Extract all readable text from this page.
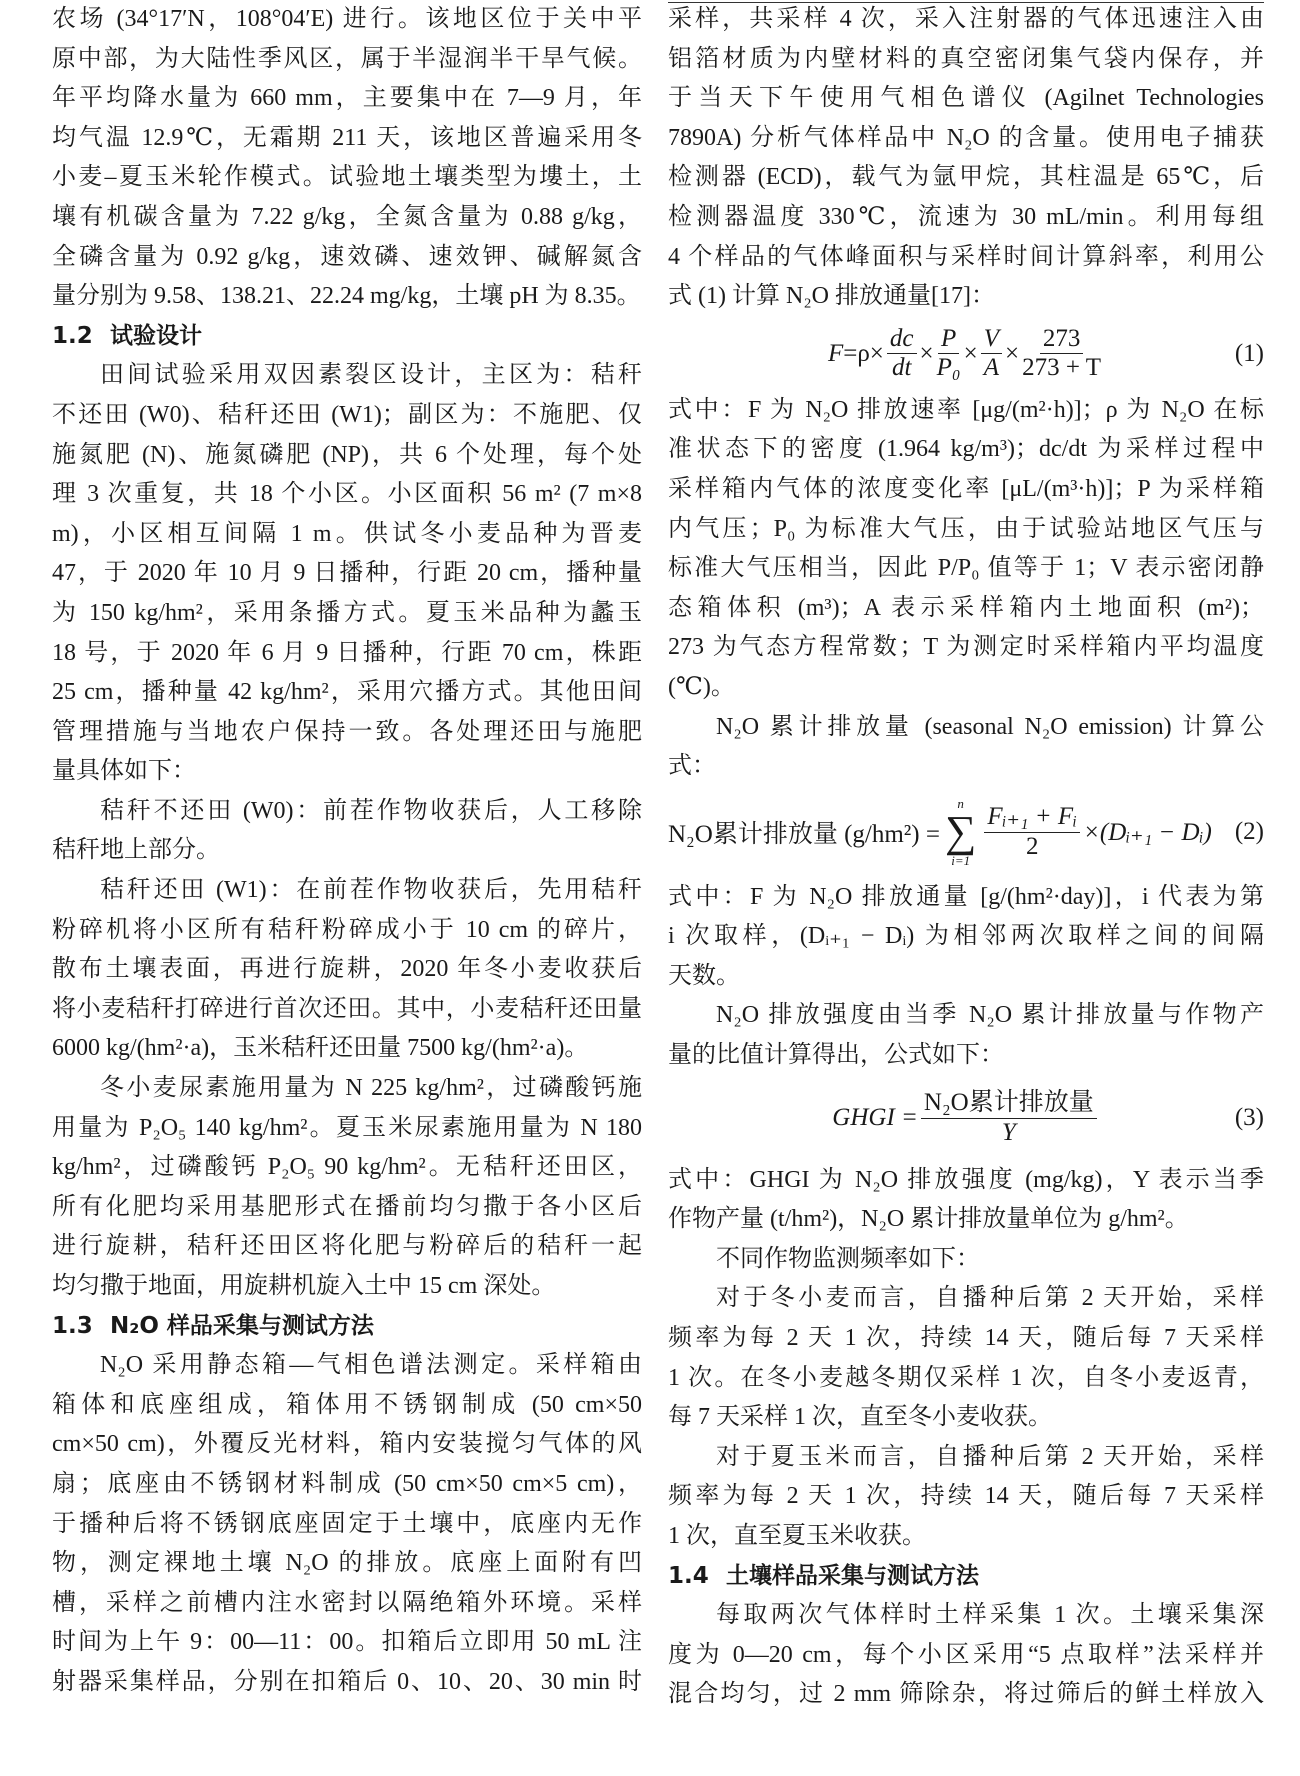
农场 (34°17′N，108°04′E) 进行。该地区位于关中平
原中部，为大陆性季风区，属于半湿润半干旱气候。
年平均降水量为 660 mm，主要集中在 7—9 月，年
均气温 12.9℃，无霜期 211 天，该地区普遍采用冬
小麦–夏玉米轮作模式。试验地土壤类型为塿土，土
壤有机碳含量为 7.22 g/kg，全氮含量为 0.88 g/kg，
全磷含量为 0.92 g/kg，速效磷、速效钾、碱解氮含
量分别为 9.58、138.21、22.24 mg/kg，土壤 pH 为 8.35。
1.2 试验设计
田间试验采用双因素裂区设计，主区为：秸秆
不还田 (W0)、秸秆还田 (W1)；副区为：不施肥、仅
施氮肥 (N)、施氮磷肥 (NP)，共 6 个处理，每个处
理 3 次重复，共 18 个小区。小区面积 56 m² (7 m×8
m)，小区相互间隔 1 m。供试冬小麦品种为晋麦
47，于 2020 年 10 月 9 日播种，行距 20 cm，播种量
为 150 kg/hm²，采用条播方式。夏玉米品种为蠡玉
18 号，于 2020 年 6 月 9 日播种，行距 70 cm，株距
25 cm，播种量 42 kg/hm²，采用穴播方式。其他田间
管理措施与当地农户保持一致。各处理还田与施肥
量具体如下：
秸秆不还田 (W0)：前茬作物收获后，人工移除
秸秆地上部分。
秸秆还田 (W1)：在前茬作物收获后，先用秸秆
粉碎机将小区所有秸秆粉碎成小于 10 cm 的碎片，
散布土壤表面，再进行旋耕，2020 年冬小麦收获后
将小麦秸秆打碎进行首次还田。其中，小麦秸秆还田量
6000 kg/(hm²·a)，玉米秸秆还田量 7500 kg/(hm²·a)。
冬小麦尿素施用量为 N 225 kg/hm²，过磷酸钙施
用量为 P₂O₅ 140 kg/hm²。夏玉米尿素施用量为 N 180
kg/hm²，过磷酸钙 P₂O₅ 90 kg/hm²。无秸秆还田区，
所有化肥均采用基肥形式在播前均匀撒于各小区后
进行旋耕，秸秆还田区将化肥与粉碎后的秸秆一起
均匀撒于地面，用旋耕机旋入土中 15 cm 深处。
1.3 N₂O 样品采集与测试方法
N₂O 采用静态箱—气相色谱法测定。采样箱由
箱体和底座组成，箱体用不锈钢制成 (50 cm×50
cm×50 cm)，外覆反光材料，箱内安装搅匀气体的风
扇；底座由不锈钢材料制成 (50 cm×50 cm×5 cm)，
于播种后将不锈钢底座固定于土壤中，底座内无作
物，测定裸地土壤 N₂O 的排放。底座上面附有凹
槽，采样之前槽内注水密封以隔绝箱外环境。采样
时间为上午 9：00—11：00。扣箱后立即用 50 mL 注
射器采集样品，分别在扣箱后 0、10、20、30 min 时
采样，共采样 4 次，采入注射器的气体迅速注入由
铝箔材质为内壁材料的真空密闭集气袋内保存，并
于当天下午使用气相色谱仪 (Agilnet Technologies
7890A) 分析气体样品中 N₂O 的含量。使用电子捕获
检测器 (ECD)，载气为氩甲烷，其柱温是 65℃，后
检测器温度 330℃，流速为 30 mL/min。利用每组
4 个样品的气体峰面积与采样时间计算斜率，利用公
式 (1) 计算 N₂O 排放通量[17]：
$F =\rho\times \frac{dc}{dt} \times \frac{P}{\text{P₀}} \times \frac{V}{A} \times \frac{273}{273 + T}$	(1)
式中：F 为 N₂O 排放速率 [μg/(m²·h)]；ρ 为 N₂O 在标
准状态下的密度 (1.964 kg/m³)；dc/dt 为采样过程中
采样箱内气体的浓度变化率 [μL/(m³·h)]；P 为采样箱
内气压；P₀ 为标准大气压，由于试验站地区气压与
标准大气压相当，因此 P/P₀ 值等于 1；V 表示密闭静
态箱体积 (m³)；A 表示采样箱内土地面积 (m²)；
273 为气态方程常数；T 为测定时采样箱内平均温度
(℃)。
N₂O 累计排放量 (seasonal N₂O emission) 计算公
式：
N₂O累计排放量 (g/hm²) =
n
∑
$i=1 \frac{\text{Fᵢ₊₁ + Fᵢ}}{2}$ ×(Dᵢ₊₁ − Dᵢ) (2)
式中：F 为 N₂O 排放通量 [g/(hm²·day)]，i 代表为第
i 次取样，(Dᵢ₊₁ − Dᵢ) 为相邻两次取样之间的间隔
天数。
N₂O 排放强度由当季 N₂O 累计排放量与作物产
量的比值计算得出，公式如下：
GHGI = $\frac{\text{N₂O累计排放量}}{Y}$	(3)
式中：GHGI 为 N₂O 排放强度 (mg/kg)，Y 表示当季
作物产量 (t/hm²)，N₂O 累计排放量单位为 g/hm²。
不同作物监测频率如下：
对于冬小麦而言，自播种后第 2 天开始，采样
频率为每 2 天 1 次，持续 14 天，随后每 7 天采样
1 次。在冬小麦越冬期仅采样 1 次，自冬小麦返青，
每 7 天采样 1 次，直至冬小麦收获。
对于夏玉米而言，自播种后第 2 天开始，采样
频率为每 2 天 1 次，持续 14 天，随后每 7 天采样
1 次，直至夏玉米收获。
1.4 土壤样品采集与测试方法
每取两次气体样时土样采集 1 次。土壤采集深
度为 0—20 cm，每个小区采用“5 点取样”法采样并
混合均匀，过 2 mm 筛除杂，将过筛后的鲜土样放入
